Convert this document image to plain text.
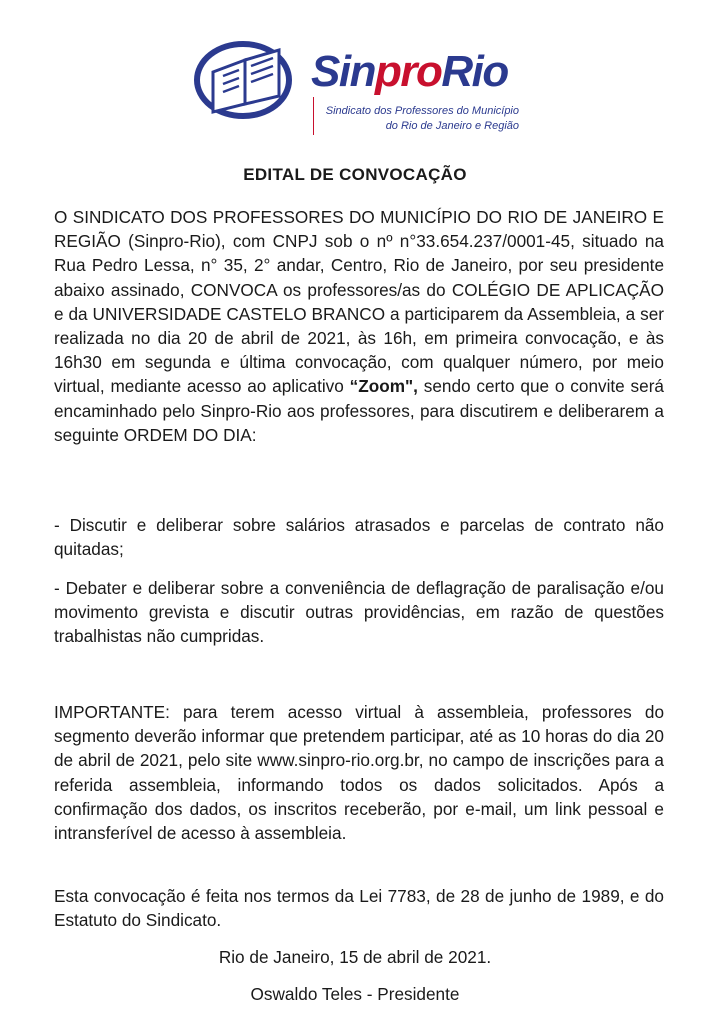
SinproRio
Sindicato dos Professores do Município
do Rio de Janeiro e Região
EDITAL DE CONVOCAÇÃO
O SINDICATO DOS PROFESSORES DO MUNICÍPIO DO RIO DE JANEIRO E REGIÃO (Sinpro-Rio), com CNPJ sob o nº n°33.654.237/0001-45, situado na Rua Pedro Lessa, n° 35, 2° andar, Centro, Rio de Janeiro, por seu presidente abaixo assinado, CONVOCA os professores/as do COLÉGIO DE APLICAÇÃO e da UNIVERSIDADE CASTELO BRANCO a participarem da Assembleia, a ser realizada no dia 20 de abril de 2021, às 16h, em primeira convocação, e às 16h30 em segunda e última convocação, com qualquer número, por meio virtual, mediante acesso ao aplicativo “Zoom", sendo certo que o convite será encaminhado pelo Sinpro-Rio aos professores, para discutirem e deliberarem a seguinte ORDEM DO DIA:
- Discutir e deliberar sobre salários atrasados e parcelas de contrato não quitadas;
- Debater e deliberar sobre a conveniência de deflagração de paralisação e/ou movimento grevista e discutir outras providências, em razão de questões trabalhistas não cumpridas.
IMPORTANTE: para terem acesso virtual à assembleia, professores do segmento deverão informar que pretendem participar, até as 10 horas do dia 20 de abril de 2021, pelo site www.sinpro-rio.org.br, no campo de inscrições para a referida assembleia, informando todos os dados solicitados. Após a confirmação dos dados, os inscritos receberão, por e-mail, um link pessoal e intransferível de acesso à assembleia.
Esta convocação é feita nos termos da Lei 7783, de 28 de junho de 1989, e do Estatuto do Sindicato.
Rio de Janeiro, 15 de abril de 2021.
Oswaldo Teles - Presidente
